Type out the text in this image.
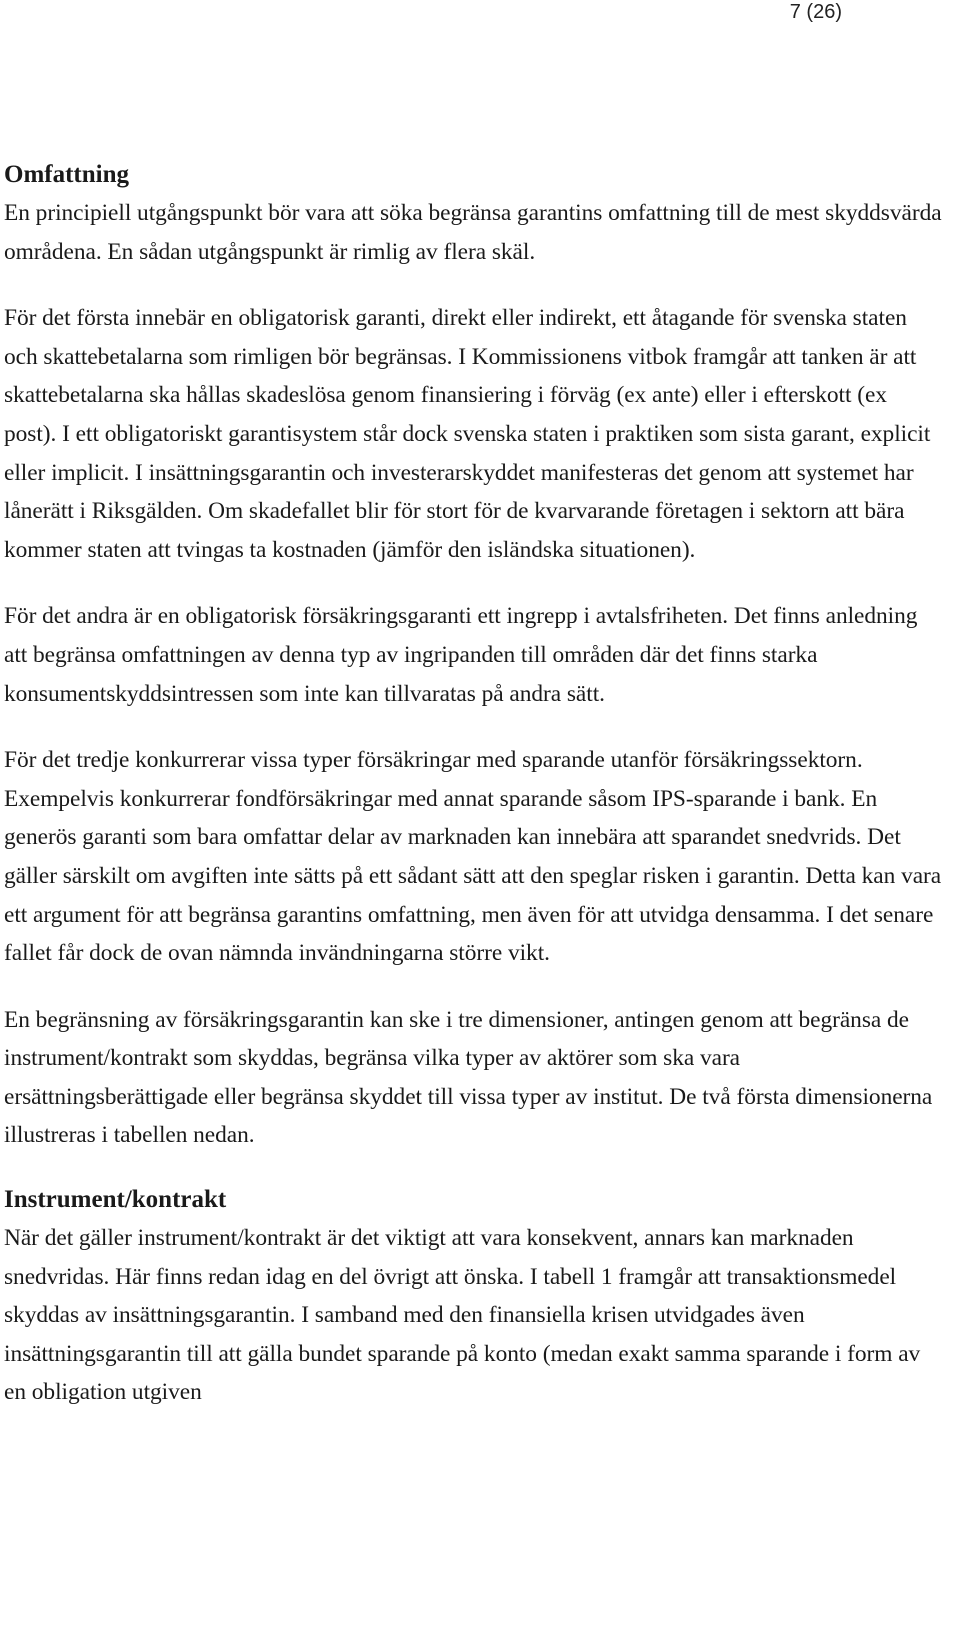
7 (26)
Omfattning

En principiell utgångspunkt bör vara att söka begränsa garantins omfattning till de mest skyddsvärda områdena. En sådan utgångspunkt är rimlig av flera skäl.

För det första innebär en obligatorisk garanti, direkt eller indirekt, ett åtagande för svenska staten och skattebetalarna som rimligen bör begränsas. I Kommissionens vitbok framgår att tanken är att skattebetalarna ska hållas skadeslösa genom finansiering i förväg (ex ante) eller i efterskott (ex post). I ett obligatoriskt garantisystem står dock svenska staten i praktiken som sista garant, explicit eller implicit. I insättningsgarantin och investerarskyddet manifesteras det genom att systemet har lånerätt i Riksgälden. Om skadefallet blir för stort för de kvarvarande företagen i sektorn att bära kommer staten att tvingas ta kostnaden (jämför den isländska situationen).

För det andra är en obligatorisk försäkringsgaranti ett ingrepp i avtalsfriheten. Det finns anledning att begränsa omfattningen av denna typ av ingripanden till områden där det finns starka konsumentskyddsintressen som inte kan tillvaratas på andra sätt.

För det tredje konkurrerar vissa typer försäkringar med sparande utanför försäkringssektorn. Exempelvis konkurrerar fondförsäkringar med annat sparande såsom IPS-sparande i bank. En generös garanti som bara omfattar delar av marknaden kan innebära att sparandet snedvrids. Det gäller särskilt om avgiften inte sätts på ett sådant sätt att den speglar risken i garantin. Detta kan vara ett argument för att begränsa garantins omfattning, men även för att utvidga densamma. I det senare fallet får dock de ovan nämnda invändningarna större vikt.

En begränsning av försäkringsgarantin kan ske i tre dimensioner, antingen genom att begränsa de instrument/kontrakt som skyddas, begränsa vilka typer av aktörer som ska vara ersättningsberättigade eller begränsa skyddet till vissa typer av institut. De två första dimensionerna illustreras i tabellen nedan.

Instrument/kontrakt

När det gäller instrument/kontrakt är det viktigt att vara konsekvent, annars kan marknaden snedvridas. Här finns redan idag en del övrigt att önska. I tabell 1 framgår att transaktionsmedel skyddas av insättningsgarantin. I samband med den finansiella krisen utvidgades även insättningsgarantin till att gälla bundet sparande på konto (medan exakt samma sparande i form av en obligation utgiven
